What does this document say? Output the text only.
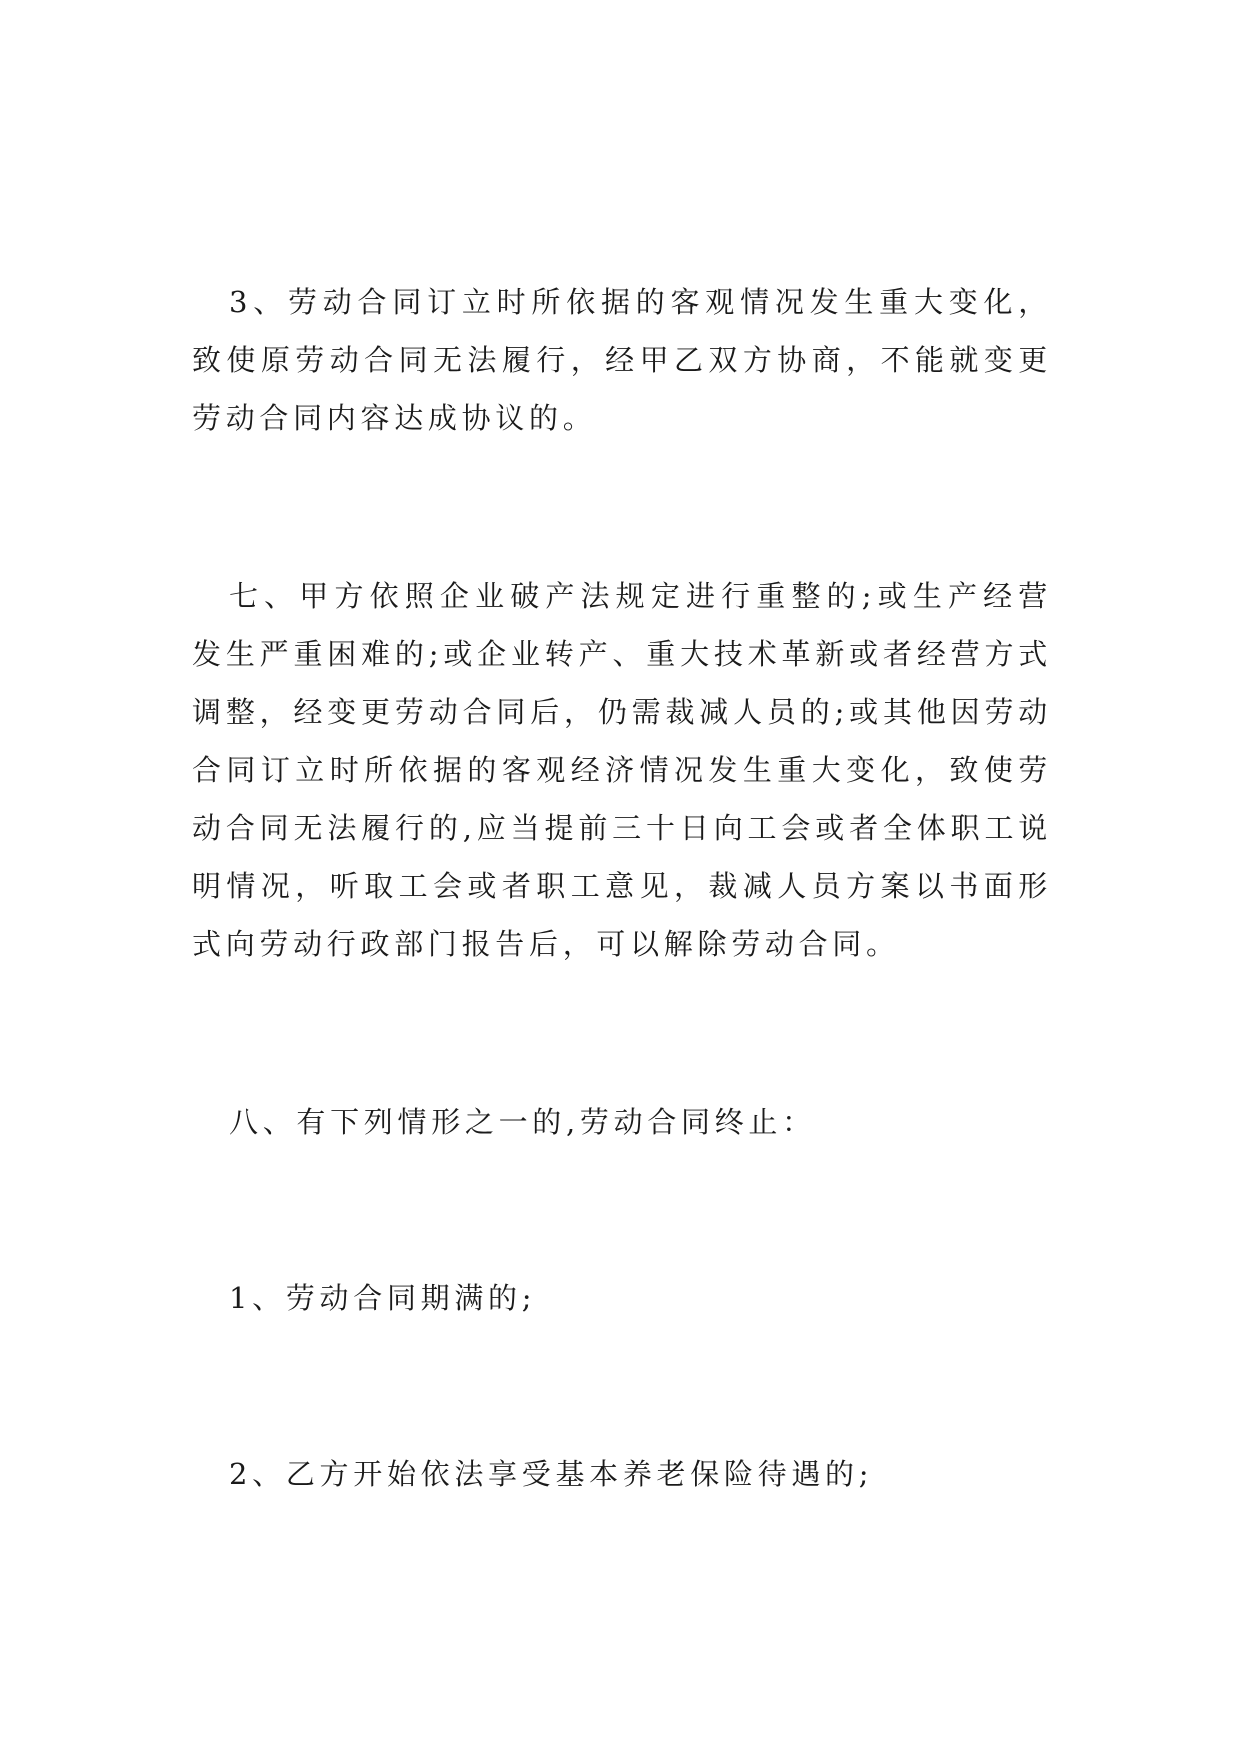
3、劳动合同订立时所依据的客观情况发生重大变化，致使原劳动合同无法履行，经甲乙双方协商，不能就变更劳动合同内容达成协议的。

七、甲方依照企业破产法规定进行重整的;或生产经营发生严重困难的;或企业转产、重大技术革新或者经营方式调整，经变更劳动合同后，仍需裁减人员的;或其他因劳动合同订立时所依据的客观经济情况发生重大变化，致使劳动合同无法履行的,应当提前三十日向工会或者全体职工说明情况，听取工会或者职工意见，裁减人员方案以书面形式向劳动行政部门报告后，可以解除劳动合同。

八、有下列情形之一的,劳动合同终止：

1、劳动合同期满的;

2、乙方开始依法享受基本养老保险待遇的;
